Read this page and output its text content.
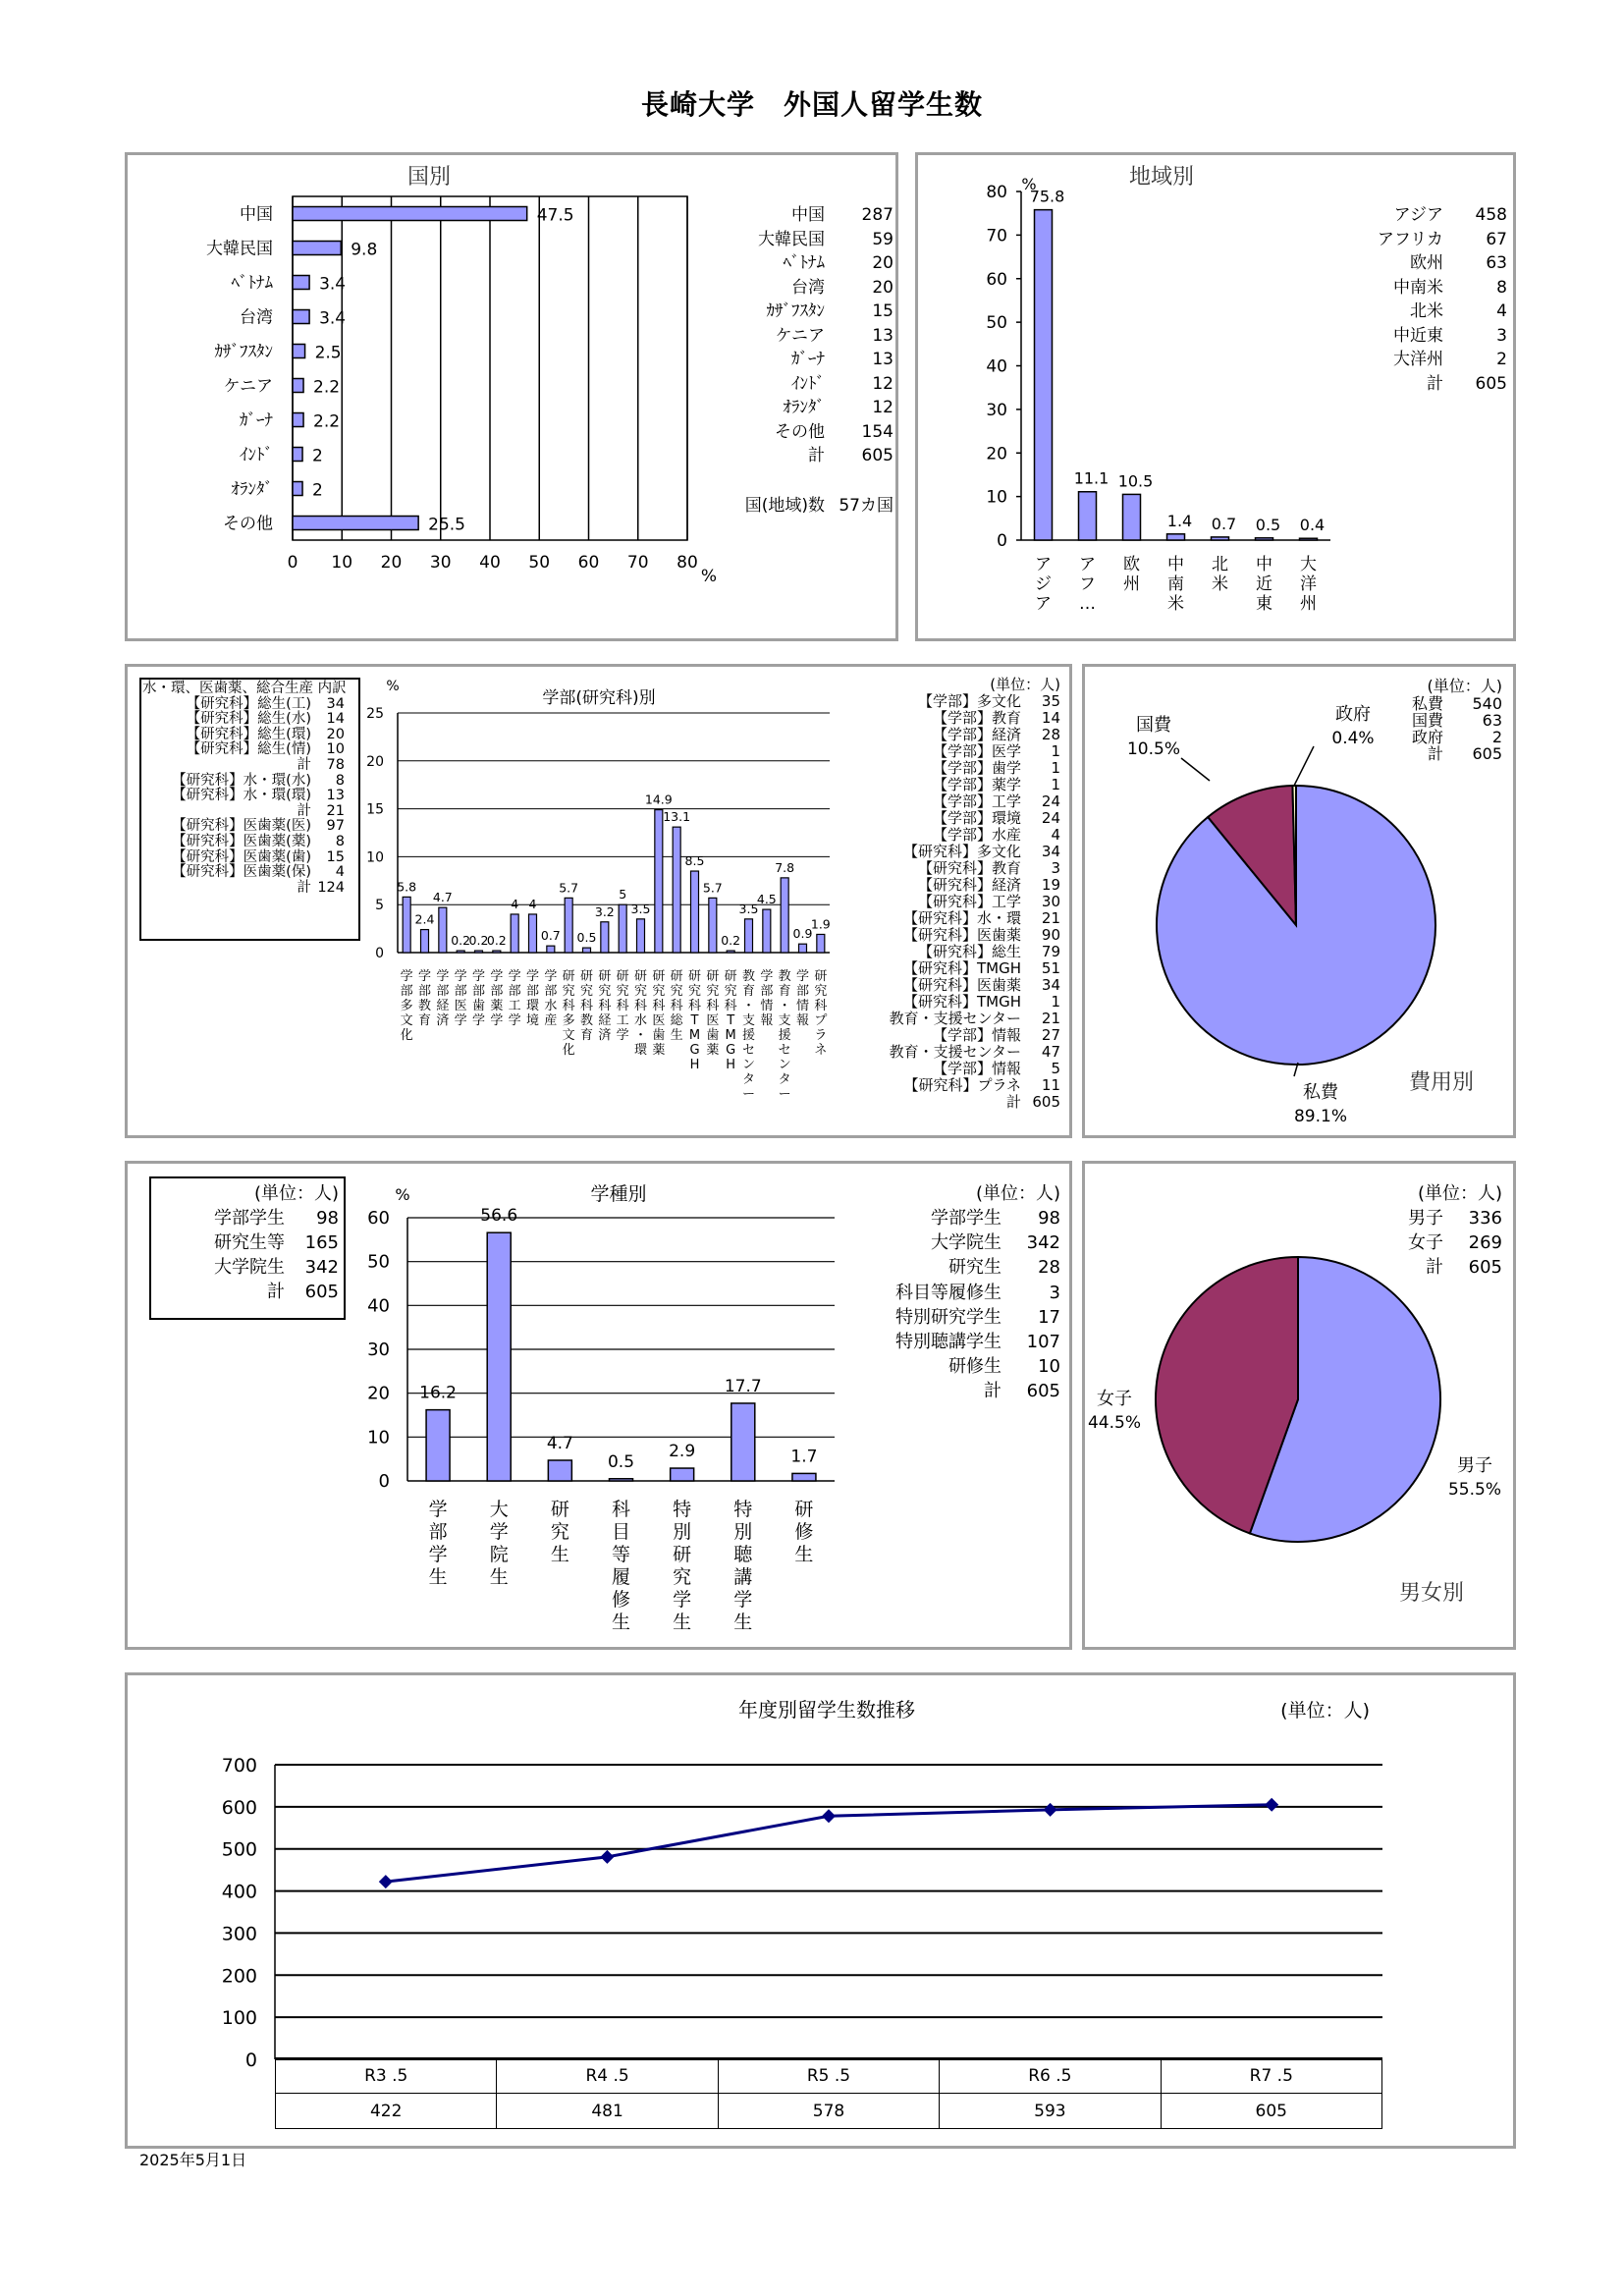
長崎大学　外国人留学生数
国別
中国	287
大韓民国	59
ﾍﾞﾄﾅﾑ	20
台湾	20
ｶｻﾞﾌｽﾀﾝ	15
ケニア	13
ｶﾞｰﾅ	13
ｲﾝﾄﾞ	12
ｵﾗﾝﾀﾞ	12
その他	154
計	605
国(地域)数 57カ国
地域別
アジア	458
アフリカ	67
欧州	63
中南米	8
北米	4
中近東	3
大洋州	2
計	605
水・環、医歯薬、総合生産 内訳
【研究科】総生(工)	34
【研究科】総生(水)	14
【研究科】総生(環)	20
【研究科】総生(情)	10
計	78
【研究科】水・環(水)	8
【研究科】水・環(環)	13
計	21
【研究科】医歯薬(医)	97
【研究科】医歯薬(薬)	8
【研究科】医歯薬(歯)	15
【研究科】医歯薬(保)	4
計 124
(単位：人)
【学部】多文化	35
【学部】教育	14
【学部】経済	28
【学部】医学	1
【学部】歯学	1
【学部】薬学	1
【学部】工学	24
【学部】環境	24
【学部】水産	4
【研究科】多文化	34
【研究科】教育	3
【研究科】経済	19
【研究科】工学	30
【研究科】水・環	21
【研究科】医歯薬	90
【研究科】総生	79
【研究科】TMGH	51
【研究科】医歯薬	34
【研究科】TMGH	1
教育・支援センター	21
【学部】情報	27
教育・支援センター	47
【学部】情報	5
【研究科】プラネ	11
計 605
費用別
(単位：人)
私費	540
国費	63
政府	2
計	605
(単位：人)
学部学生	98
研究生等	165
大学院生	342
計	605
(単位：人)
学部学生	98
大学院生	342
研究生	28
科目等履修生	3
特別研究学生	17
特別聴講学生	107
研修生	10
計	605
男女別
(単位：人)
男子	336
女子	269
計	605
(単位：人)
R3 .5	R4 .5	R5 .5	R6 .5	R7 .5
422	481	578	593	605
2025年5月1日
0 10 20 30 40 50 60 70 80
%
中国	47.5
大韓民国	9.8
ﾍﾞﾄﾅﾑ	3.4
台湾	3.4
ｶｻﾞﾌｽﾀﾝ	2.5
ケニア 2.2
ｶﾞｰﾅ 2.2
ｲﾝﾄﾞ 2
ｵﾗﾝﾀﾞ 2
その他	25.5
0
10
20
30
40
50
60
70
80 %
75.8
ア
ジ
ア
11.1
ア
フ
…
10.5
欧
州
1.4
中
南
米
0.7
北
米
0.5
中
近
東
0.4
大
洋
州
学部(研究科)別
%
0
5
10
15
20
25
5.8
学
部
多
文
化
2.4
学
部
教
育
4.7
学
部
経
済
0.2
学
部
医
学
0.2
学
部
歯
学
0.2
学
部
薬
学
4
学
部
工
学
4
学
部
環
境
0.7
学
部
水
産
5.7
研
究
科
多
文
化
0.5
研
究
科
教
育
3.2
研
究
科
経
済
5
研
究
科
工
学
3.5
研
究
科
水
・
環
14.9
研
究
科
医
歯
薬
13.1
研
究
科
総
生
8.5
研
究
科
T
M
G
H
5.7
研
究
科
医
歯
薬
0.2
研
究
科
T
M
G
H
3.5
教
育
・
支
援
セ
ン
タ
ー
4.5
学
部
情
報
7.8
教
育
・
支
援
セ
ン
タ
ー
0.9
学
部
情
報
1.9
研
究
科
プ
ラ
ネ
私費
89.1%
国費
10.5%
政府
0.4%
男子
55.5%
女子
44.5%
学種別
%
0
10
20
30
40
50
60
16.2
学
部
学
生
56.6
大
学
院
生
4.7
研
究
生
0.5
科
目
等
履
修
生
2.9
特
別
研
究
学
生
17.7
特
別
聴
講
学
生
1.7
研
修
生
年度別留学生数推移
0
100
200
300
400
500
600
700
